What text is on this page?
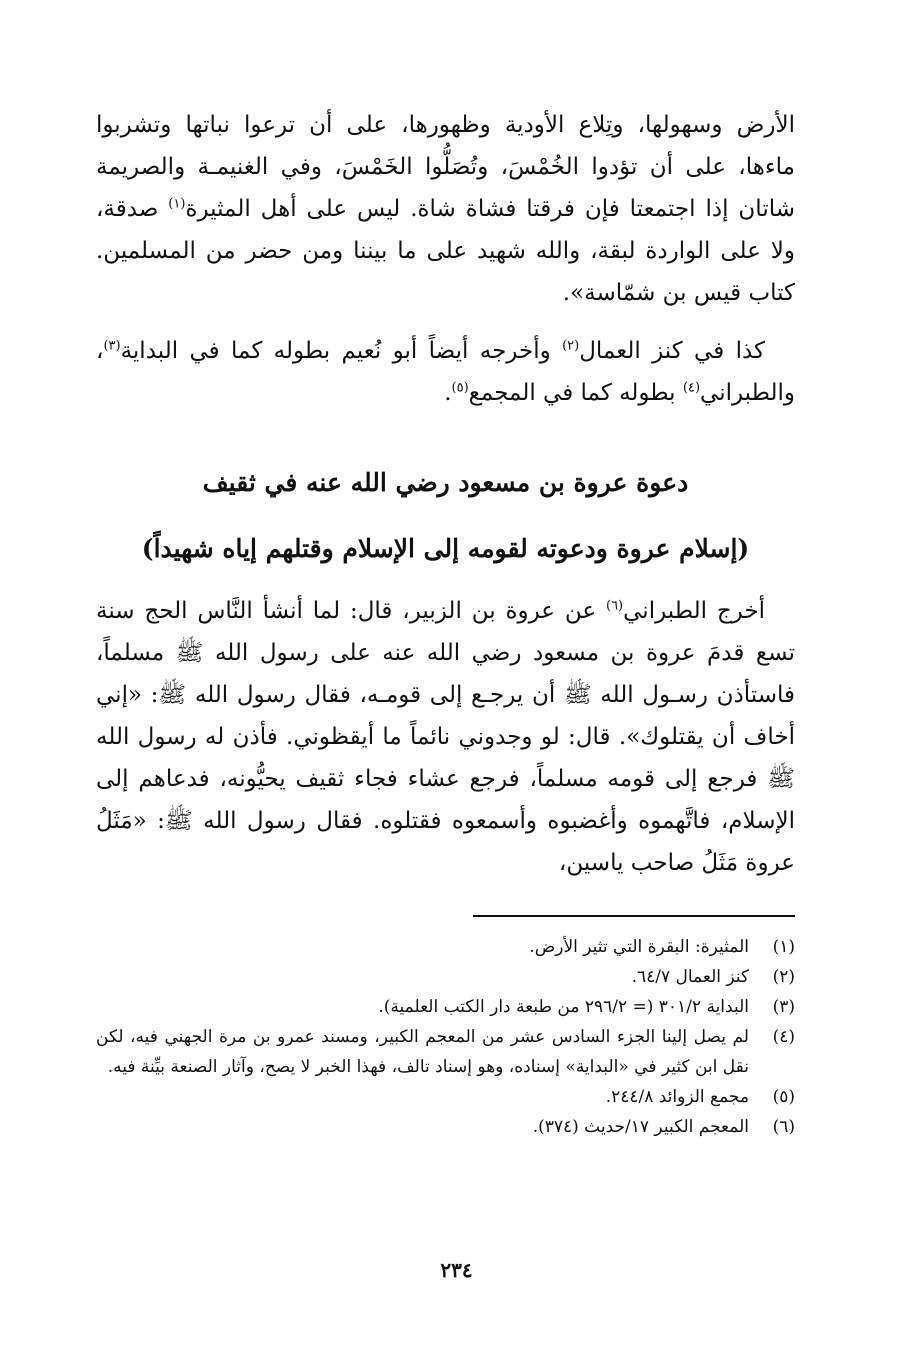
الأرض وسهولها، وتِلاع الأودية وظهورها، على أن ترعوا نباتها وتشربوا ماءها، على أن تؤدوا الخُمْسَ، وتُصَلُّوا الخَمْسَ، وفي الغنيمـة والصريمة شاتان إذا اجتمعتا فإن فرقتا فشاة شاة. ليس على أهل المثيرة$^{(١)}$ صدقة، ولا على الواردة لبقة، والله شهيد على ما بيننا ومن حضر من المسلمين. كتاب قيس بن شمّاسة».

كذا في كنز العمال$^{(٢)}$ وأخرجه أيضاً أبو نُعيم بطوله كما في البداية$^{(٣)}$، والطبراني$^{(٤)}$ بطوله كما في المجمع$^{(٥)}$.

دعوة عروة بن مسعود رضي الله عنه في ثقيف
(إسلام عروة ودعوته لقومه إلى الإسلام وقتلهم إياه شهيداً)

أخرج الطبراني$^{(٦)}$ عن عروة بن الزبير، قال: لما أنشأ النَّاس الحج سنة تسع قدمَ عروة بن مسعود رضي الله عنه على رسول الله ﷺ مسلماً، فاستأذن رسـول الله ﷺ أن يرجـع إلى قومـه، فقال رسول الله ﷺ: «إني أخاف أن يقتلوك». قال: لو وجدوني نائماً ما أيقظوني. فأذن له رسول الله ﷺ فرجع إلى قومه مسلماً، فرجع عشاء فجاء ثقيف يحيُّونه، فدعاهم إلى الإسلام، فاتَّهموه وأغضبوه وأسمعوه فقتلوه. فقال رسول الله ﷺ: «مَثَلُ عروة مَثَلُ صاحب ياسين،

(١)
المثيرة: البقرة التي تثير الأرض.
(٢)
كنز العمال ٦٤/٧.
(٣)
البداية ٣٠١/٢ (= ٢٩٦/٢ من طبعة دار الكتب العلمية).
(٤)
لم يصل إلينا الجزء السادس عشر من المعجم الكبير، ومسند عمرو بن مرة الجهني فيه، لكن نقل ابن كثير في «البداية» إسناده، وهو إسناد تالف، فهذا الخبر لا يصح، وآثار الصنعة بيِّنة فيه.
(٥)
مجمع الزوائد ٢٤٤/٨.
(٦)
المعجم الكبير ١٧/حديث (٣٧٤).
٢٣٤
